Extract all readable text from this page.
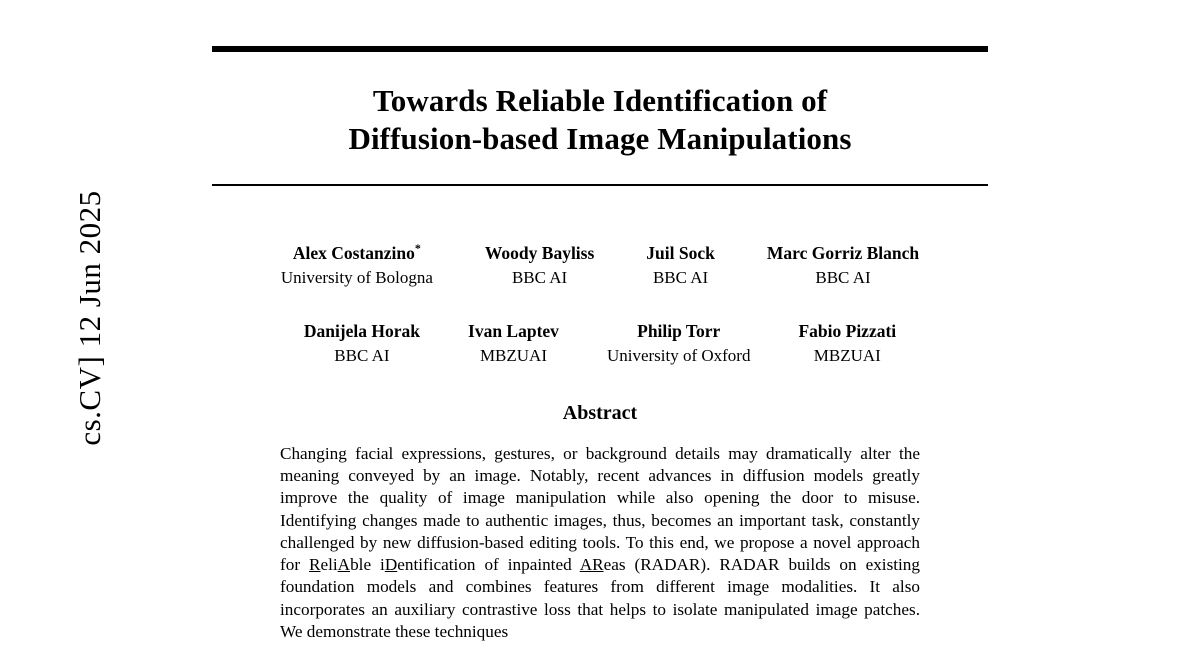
cs.CV] 12 Jun 2025
Towards Reliable Identification of
Diffusion-based Image Manipulations
Alex Costanzino*
University of Bologna
Woody Bayliss
BBC AI
Juil Sock
BBC AI
Marc Gorriz Blanch
BBC AI
Danijela Horak
BBC AI
Ivan Laptev
MBZUAI
Philip Torr
University of Oxford
Fabio Pizzati
MBZUAI
Abstract
Changing facial expressions, gestures, or background details may dramatically alter the meaning conveyed by an image. Notably, recent advances in diffusion models greatly improve the quality of image manipulation while also opening the door to misuse. Identifying changes made to authentic images, thus, becomes an important task, constantly challenged by new diffusion-based editing tools. To this end, we propose a novel approach for ReliAble iDentification of inpainted AReas (RADAR). RADAR builds on existing foundation models and combines features from different image modalities. It also incorporates an auxiliary contrastive loss that helps to isolate manipulated image patches. We demonstrate these techniques
